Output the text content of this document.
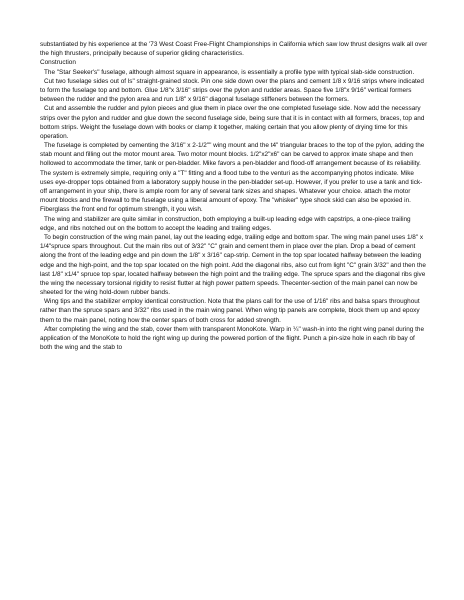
substantiated by his experience at the '73 West Coast Free-Flight Championships in California which saw low thrust designs walk all over the high thrusters, principally because of superior gliding characteristics.

Construction

The "Star Seeker's" fuselage, although almost square in appearance, is essentially a profile type with typical slab-side construction.

Cut two fuselage sides out of ls" straight-grained stock. Pin one side down over the plans and cement 1/8 x 9/16 strips where indicated to form the fuselage top and bottom. Glue 1/8"x 3/16" strips over the pylon and rudder areas. Space five 1/8"x 9/16" vertical formers between the rudder and the pylon area and run 1/8" x 9/16" diagonal fuselage stiffeners between the formers.

Cut and assemble the rudder and pylon pieces and glue them in place over the one completed fuselage side. Now add the necessary strips over the pylon and rudder and glue down the second fuselage side, being sure that it is in contact with all formers, braces, top and bottom strips. Weight the fuselage down with books or clamp it together, making certain that you allow plenty of drying time for this operation.

The fuselage is completed by cementing the 3/16" x 2-1/2"" wing mount and the t4" triangular braces to the top of the pylon, adding the stab mount and filling out the motor mount area. Two motor mount blocks. 1/2"x2"x6" can be carved to approx imate shape and then hollowed to accommodate the timer, tank or pen-bladder. Mike favors a pen-bladder and flood-off arrangement because of its reliability. The system is extremely simple, requiring only a "T" fitting and a flood tube to the venturi as the accompanying photos indicate. Mike uses eye-dropper tops obtained from a laboratory supply house in the pen-bladder set-up. However, if you prefer to use a tank and tick-off arrangement in your ship, there is ample room for any of several tank sizes and shapes. Whatever your choice. attach the motor mount blocks and the firewall to the fuselage using a liberal amount of epoxy. The "whisker" type shock skid can also be epoxied in. Fiberglass the front end for optimum strength, it you wish.

The wing and stabilizer are quite similar in construction, both employing a built-up leading edge with capstrips, a one-piece trailing edge, and ribs notched out on the bottom to accept the leading and trailing edges.

To begin construction of the wing main panel, lay out the leading edge, trailing edge and bottom spar. The wing main panel uses 1/8" x 1/4"spruce spars throughout. Cut the main ribs out of 3/32" "C" grain and cement them in place over the plan. Drop a bead of cement along the front of the leading edge and pin down the 1/8" x 3/16" cap-strip. Cement in the top spar located halfway between the leading edge and the high-point, and the top spar located on the high point. Add the diagonal ribs, also cut from light "C" grain 3/32" and then the last 1/8" x1/4" spruce top spar, located halfway between the high point and the trailing edge. The spruce spars and the diagonal ribs give the wing the necessary torsional rigidity to resist flutter at high power pattern speeds. Thecenter-section of the main panel can now be sheeted for the wing hold-down rubber bands.

Wing tips and the stabilizer employ identical construction. Note that the plans call for the use of 1/16" ribs and balsa spars throughout rather than the spruce spars and 3/32" ribs used in the main wing panel. When wing tip panels are complete, block them up and epoxy them to the main panel, noting how the center spars of both cross for added strength.

After completing the wing and the stab, cover them with transparent MonoKote. Warp in ¼" wash-in into the right wing panel during the application of the MonoKote to hold the right wing up during the powered portion of the flight. Punch a pin-size hole in each rib bay of both the wing and the stab to
